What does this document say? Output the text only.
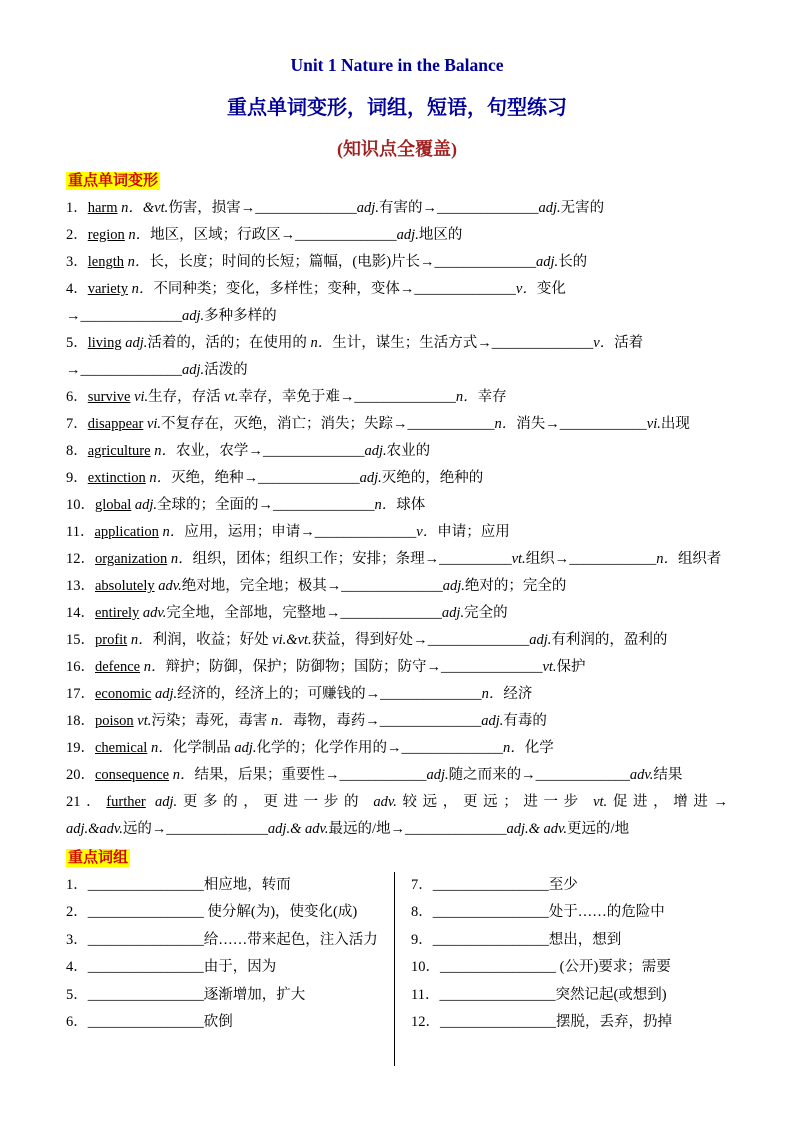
Unit 1 Nature in the Balance
重点单词变形，词组，短语，句型练习
(知识点全覆盖)
重点单词变形
1．harm n．&vt.伤害，损害→______________adj.有害的→______________adj.无害的
2．region n．地区，区域；行政区→______________adj.地区的
3．length n．长，长度；时间的长短；篇幅，(电影)片长→______________adj.长的
4．variety n．不同种类；变化，多样性；变种，变体→______________v．变化
→______________adj.多种多样的
5．living adj.活着的，活的；在使用的 n．生计，谋生；生活方式→______________v．活着
→______________adj.活泼的
6．survive vi.生存，存活 vt.幸存，幸免于难→______________n．幸存
7．disappear vi.不复存在，灭绝，消亡；消失；失踪→____________n．消失→____________vi.出现
8．agriculture n．农业，农学→______________adj.农业的
9．extinction n．灭绝，绝种→______________adj.灭绝的，绝种的
10．global adj.全球的；全面的→______________n．球体
11．application n．应用，运用；申请→______________v．申请；应用
12．organization n．组织，团体；组织工作；安排；条理→__________vt.组织→____________n．组织者
13．absolutely adv.绝对地，完全地；极其→______________adj.绝对的；完全的
14．entirely adv.完全地，全部地，完整地→______________adj.完全的
15．profit n．利润，收益；好处 vi.&vt.获益，得到好处→______________adj.有利润的，盈利的
16．defence n．辩护；防御，保护；防御物；国防；防守→______________vt.保护
17．economic adj.经济的，经济上的；可赚钱的→______________n．经济
18．poison vt.污染；毒死，毒害 n．毒物，毒药→______________adj.有毒的
19．chemical n．化学制品 adj.化学的；化学作用的→______________n．化学
20．consequence n．结果，后果；重要性→____________adj.随之而来的→_____________adv.结果
21．further adj.更多的，更进一步的 adv.较远，更远；进一步 vt.促进，增进→
adj.&adv.远的→______________adj.& adv.最远的/地→______________adj.& adv.更远的/地
重点词组
1．________________相应地，转而
2．________________ 使分解(为)，使变化(成)
3．________________给……带来起色，注入活力
4．________________由于，因为
5．________________逐渐增加，扩大
6．________________砍倒
7．________________至少
8．________________处于……的危险中
9．________________想出，想到
10．________________ (公开)要求；需要
11．________________突然记起(或想到)
12．________________摆脱，丢弃，扔掉
